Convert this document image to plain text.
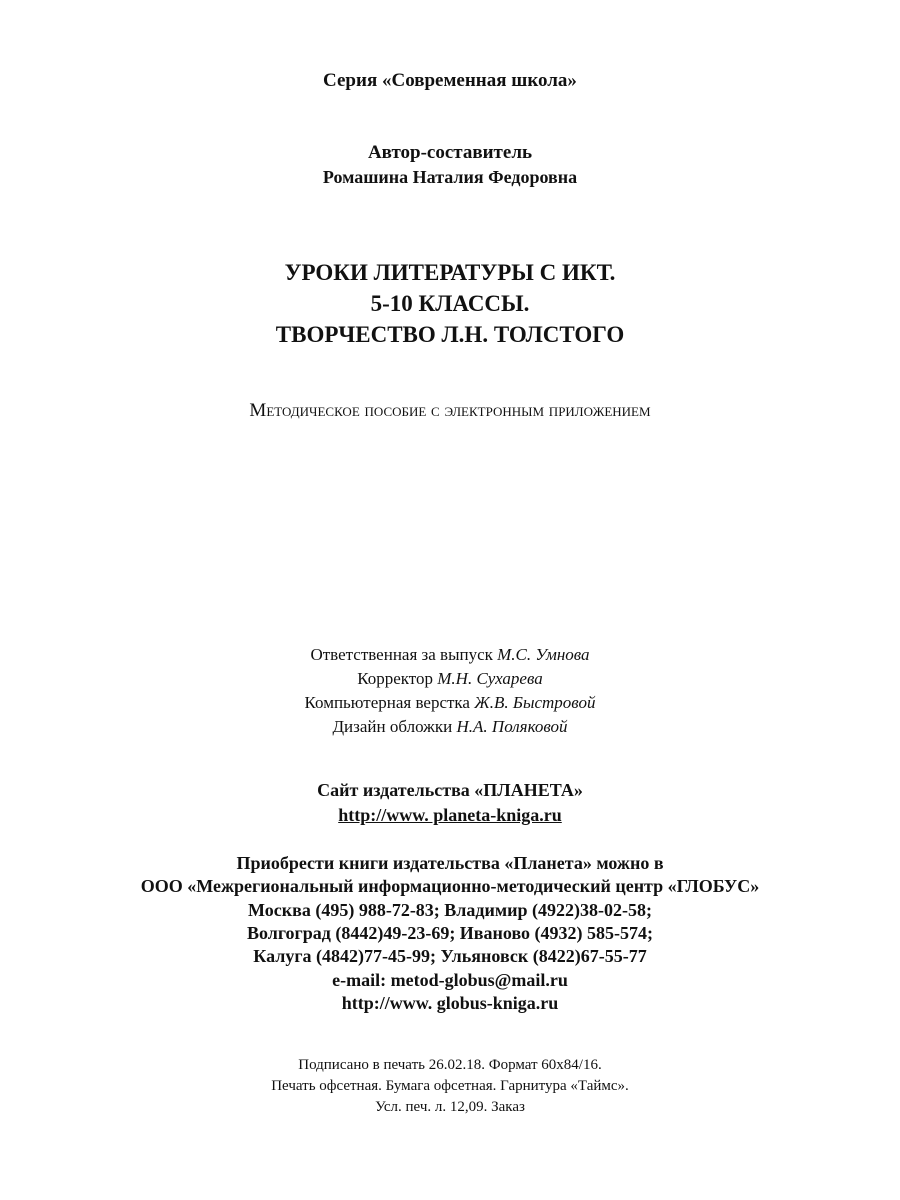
Серия «Современная школа»
Автор-составитель
Ромашина Наталия Федоровна
УРОКИ ЛИТЕРАТУРЫ С ИКТ.
5-10 КЛАССЫ.
ТВОРЧЕСТВО Л.Н. ТОЛСТОГО
Методическое пособие с электронным приложением
Ответственная за выпуск М.С. Умнова
Корректор М.Н. Сухарева
Компьютерная верстка Ж.В. Быстровой
Дизайн обложки Н.А. Поляковой
Сайт издательства «ПЛАНЕТА»
http://www. planeta-kniga.ru
Приобрести книги издательства «Планета» можно в
ООО «Межрегиональный информационно-методический центр «ГЛОБУС»
Москва (495) 988-72-83; Владимир (4922)38-02-58;
Волгоград (8442)49-23-69; Иваново (4932) 585-574;
Калуга (4842)77-45-99; Ульяновск (8422)67-55-77
e-mail: metod-globus@mail.ru
http://www. globus-kniga.ru
Подписано в печать 26.02.18. Формат 60х84/16.
Печать офсетная. Бумага офсетная. Гарнитура «Таймс».
Усл. печ. л. 12,09. Заказ
